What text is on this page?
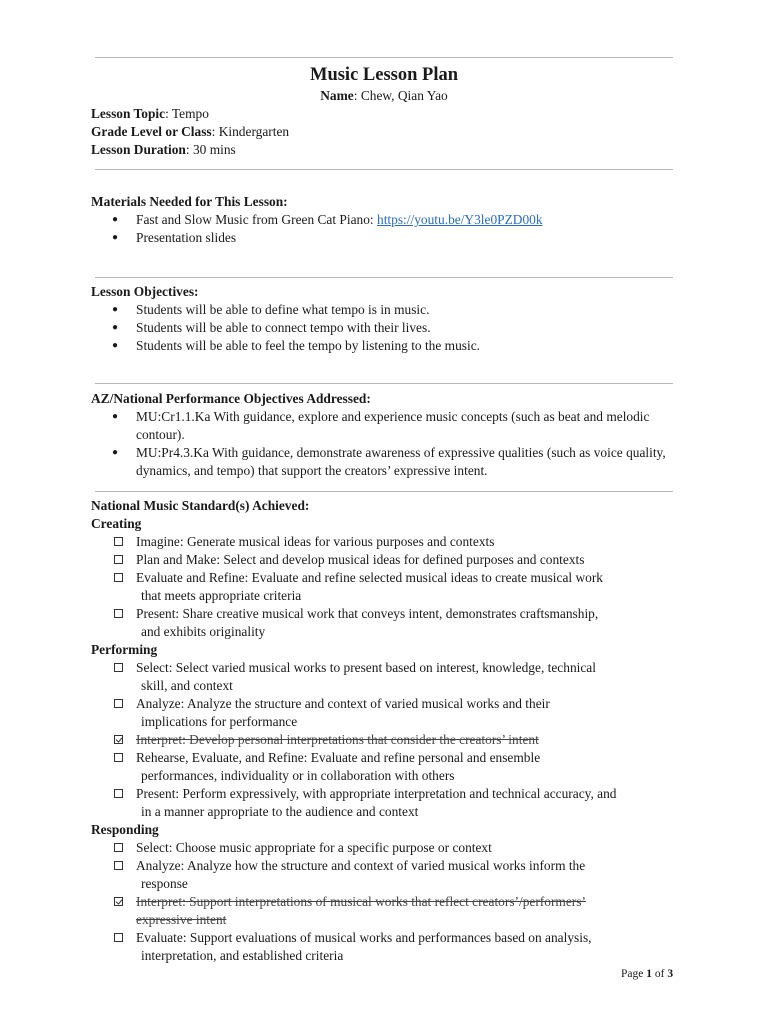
Music Lesson Plan
Name: Chew, Qian Yao
Lesson Topic: Tempo
Grade Level or Class: Kindergarten
Lesson Duration: 30 mins
Materials Needed for This Lesson:
● Fast and Slow Music from Green Cat Piano: https://youtu.be/Y3le0PZD00k
● Presentation slides
Lesson Objectives:
● Students will be able to define what tempo is in music.
● Students will be able to connect tempo with their lives.
● Students will be able to feel the tempo by listening to the music.
AZ/National Performance Objectives Addressed:
● MU:Cr1.1.Ka With guidance, explore and experience music concepts (such as beat and melodic contour).
● MU:Pr4.3.Ka With guidance, demonstrate awareness of expressive qualities (such as voice quality, dynamics, and tempo) that support the creators’ expressive intent.
National Music Standard(s) Achieved:
Creating
Imagine: Generate musical ideas for various purposes and contexts
Plan and Make: Select and develop musical ideas for defined purposes and contexts
Evaluate and Refine: Evaluate and refine selected musical ideas to create musical work
that meets appropriate criteria
Present: Share creative musical work that conveys intent, demonstrates craftsmanship,
and exhibits originality
Performing
Select: Select varied musical works to present based on interest, knowledge, technical
skill, and context
Analyze: Analyze the structure and context of varied musical works and their
implications for performance
Interpret: Develop personal interpretations that consider the creators’ intent
Rehearse, Evaluate, and Refine: Evaluate and refine personal and ensemble
performances, individuality or in collaboration with others
Present: Perform expressively, with appropriate interpretation and technical accuracy, and
in a manner appropriate to the audience and context
Responding
Select: Choose music appropriate for a specific purpose or context
Analyze: Analyze how the structure and context of varied musical works inform the
response
Interpret: Support interpretations of musical works that reflect creators’/performers’
expressive intent
Evaluate: Support evaluations of musical works and performances based on analysis,
interpretation, and established criteria
Page 1 of 3
